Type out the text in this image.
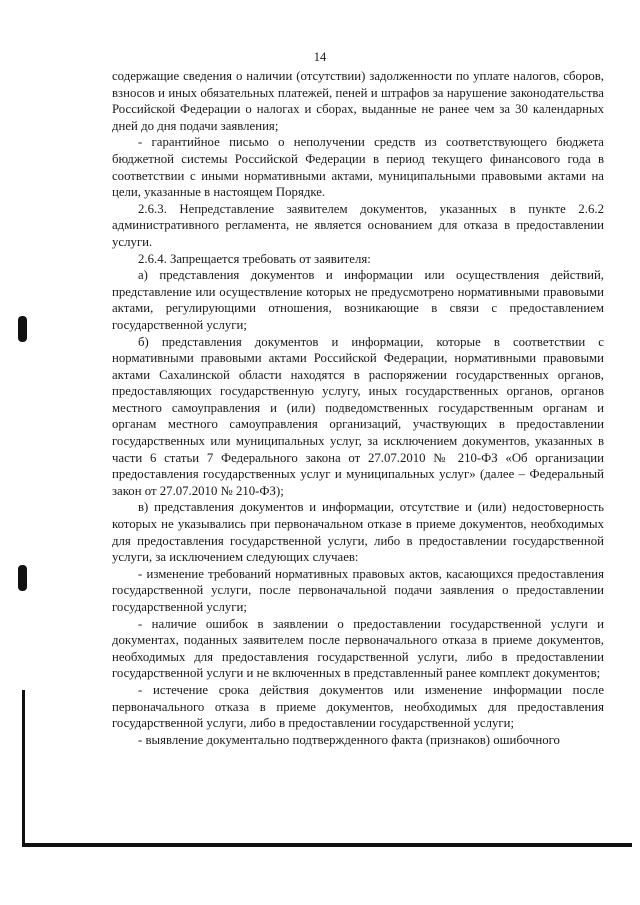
14

содержащие сведения о наличии (отсутствии) задолженности по уплате налогов, сборов, взносов и иных обязательных платежей, пеней и штрафов за нарушение законодательства Российской Федерации о налогах и сборах, выданные не ранее чем за 30 календарных дней до дня подачи заявления;

- гарантийное письмо о неполучении средств из соответствующего бюджета бюджетной системы Российской Федерации в период текущего финансового года в соответствии с иными нормативными актами, муниципальными правовыми актами на цели, указанные в настоящем Порядке.

2.6.3. Непредставление заявителем документов, указанных в пункте 2.6.2 административного регламента, не является основанием для отказа в предоставлении услуги.

2.6.4. Запрещается требовать от заявителя:

а) представления документов и информации или осуществления действий, представление или осуществление которых не предусмотрено нормативными правовыми актами, регулирующими отношения, возникающие в связи с предоставлением государственной услуги;

б) представления документов и информации, которые в соответствии с нормативными правовыми актами Российской Федерации, нормативными правовыми актами Сахалинской области находятся в распоряжении государственных органов, предоставляющих государственную услугу, иных государственных органов, органов местного самоуправления и (или) подведомственных государственным органам и органам местного самоуправления организаций, участвующих в предоставлении государственных или муниципальных услуг, за исключением документов, указанных в части 6 статьи 7 Федерального закона от 27.07.2010 № 210-ФЗ «Об организации предоставления государственных услуг и муниципальных услуг» (далее – Федеральный закон от 27.07.2010 № 210-ФЗ);

в) представления документов и информации, отсутствие и (или) недостоверность которых не указывались при первоначальном отказе в приеме документов, необходимых для предоставления государственной услуги, либо в предоставлении государственной услуги, за исключением следующих случаев:

- изменение требований нормативных правовых актов, касающихся предоставления государственной услуги, после первоначальной подачи заявления о предоставлении государственной услуги;

- наличие ошибок в заявлении о предоставлении государственной услуги и документах, поданных заявителем после первоначального отказа в приеме документов, необходимых для предоставления государственной услуги, либо в предоставлении государственной услуги и не включенных в представленный ранее комплект документов;

- истечение срока действия документов или изменение информации после первоначального отказа в приеме документов, необходимых для предоставления государственной услуги, либо в предоставлении государственной услуги;

- выявление документально подтвержденного факта (признаков) ошибочного
